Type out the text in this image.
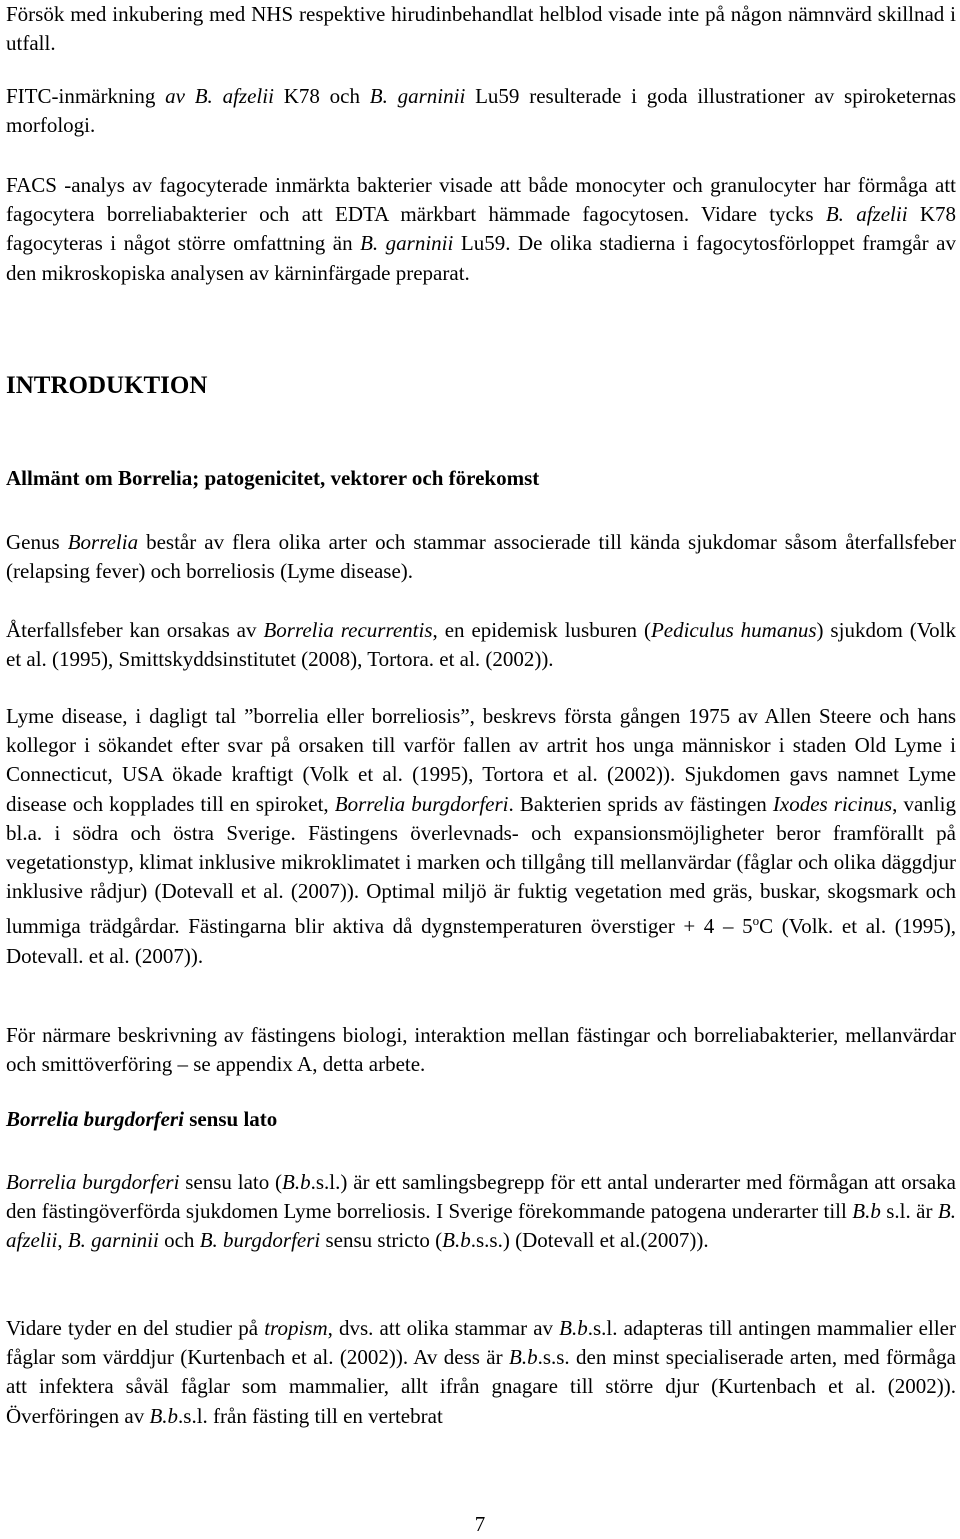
Försök med inkubering med NHS respektive hirudinbehandlat helblod visade inte på någon nämnvärd skillnad i utfall.

FITC-inmärkning av B. afzelii K78 och B. garninii Lu59 resulterade i goda illustrationer av spiroketernas morfologi.

FACS -analys av fagocyterade inmärkta bakterier visade att både monocyter och granulocyter har förmåga att fagocytera borreliabakterier och att EDTA märkbart hämmade fagocytosen. Vidare tycks B. afzelii K78 fagocyteras i något större omfattning än B. garninii Lu59. De olika stadierna i fagocytosförloppet framgår av den mikroskopiska analysen av kärninfärgade preparat.

INTRODUKTION
Allmänt om Borrelia; patogenicitet, vektorer och förekomst

Genus Borrelia består av flera olika arter och stammar associerade till kända sjukdomar såsom återfallsfeber (relapsing fever) och borreliosis (Lyme disease).

Återfallsfeber kan orsakas av Borrelia recurrentis, en epidemisk lusburen (Pediculus humanus) sjukdom (Volk et al. (1995), Smittskyddsinstitutet (2008), Tortora. et al. (2002)).

Lyme disease, i dagligt tal ”borrelia eller borreliosis”, beskrevs första gången 1975 av Allen Steere och hans kollegor i sökandet efter svar på orsaken till varför fallen av artrit hos unga människor i staden Old Lyme i Connecticut, USA ökade kraftigt (Volk et al. (1995), Tortora et al. (2002)). Sjukdomen gavs namnet Lyme disease och kopplades till en spiroket, Borrelia burgdorferi. Bakterien sprids av fästingen Ixodes ricinus, vanlig bl.a. i södra och östra Sverige. Fästingens överlevnads- och expansionsmöjligheter beror framförallt på vegetationstyp, klimat inklusive mikroklimatet i marken och tillgång till mellanvärdar (fåglar och olika däggdjur inklusive rådjur) (Dotevall et al. (2007)). Optimal miljö är fuktig vegetation med gräs, buskar, skogsmark och lummiga trädgårdar. Fästingarna blir aktiva då dygnstemperaturen överstiger + 4 – 5$^o$C (Volk. et al. (1995), Dotevall. et al. (2007)).

För närmare beskrivning av fästingens biologi, interaktion mellan fästingar och borreliabakterier, mellanvärdar och smittöverföring – se appendix A, detta arbete.

Borrelia burgdorferi sensu lato

Borrelia burgdorferi sensu lato (B.b.s.l.) är ett samlingsbegrepp för ett antal underarter med förmågan att orsaka den fästingöverförda sjukdomen Lyme borreliosis. I Sverige förekommande patogena underarter till B.b s.l. är B. afzelii, B. garninii och B. burgdorferi sensu stricto (B.b.s.s.) (Dotevall et al.(2007)).

Vidare tyder en del studier på tropism, dvs. att olika stammar av B.b.s.l. adapteras till antingen mammalier eller fåglar som värddjur (Kurtenbach et al. (2002)). Av dess är B.b.s.s. den minst specialiserade arten, med förmåga att infektera såväl fåglar som mammalier, allt ifrån gnagare till större djur (Kurtenbach et al. (2002)). Överföringen av B.b.s.l. från fästing till en vertebrat

7
